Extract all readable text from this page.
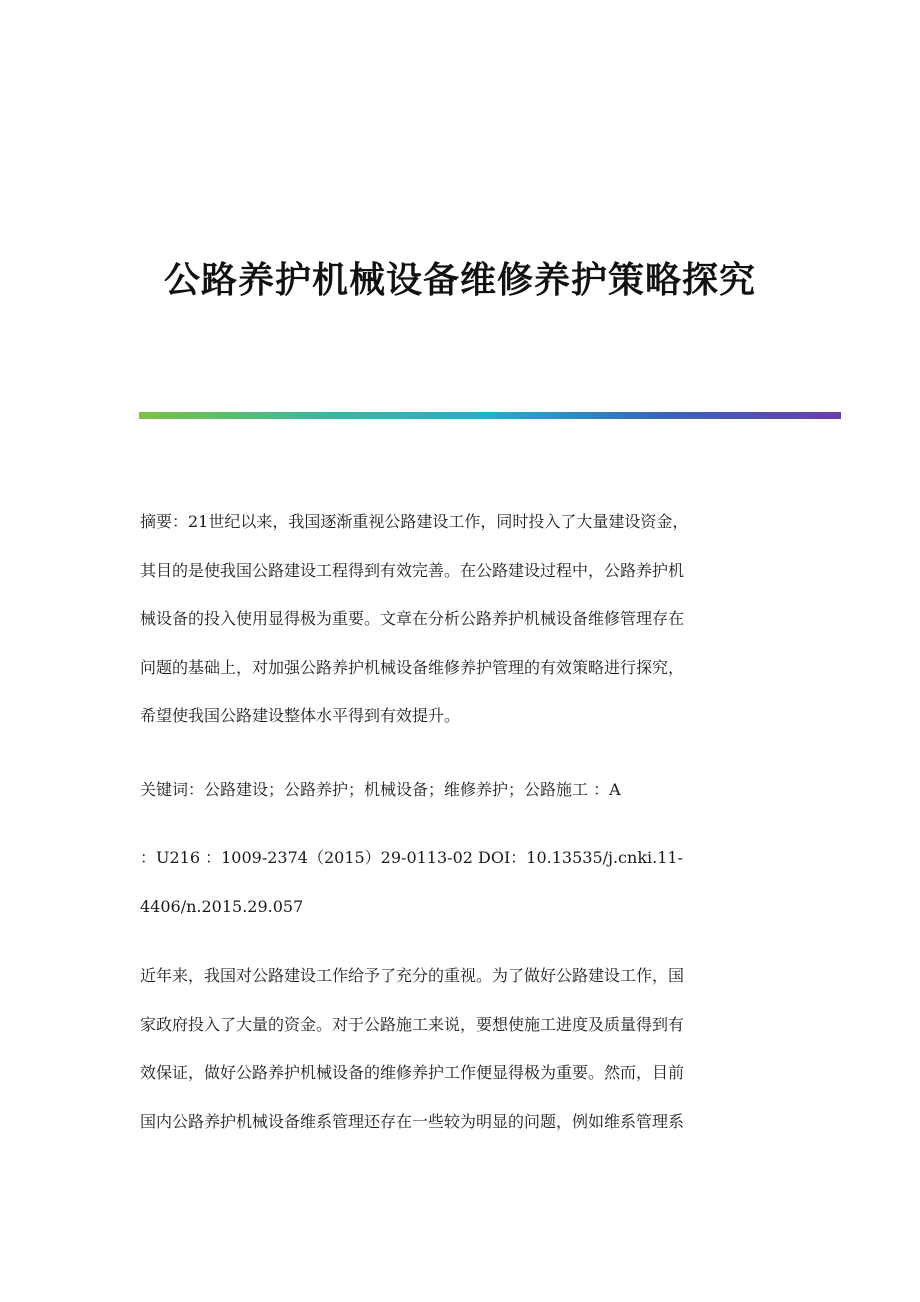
公路养护机械设备维修养护策略探究
摘要：21世纪以来，我国逐渐重视公路建设工作，同时投入了大量建设资金，
其目的是使我国公路建设工程得到有效完善。在公路建设过程中，公路养护机
械设备的投入使用显得极为重要。文章在分析公路养护机械设备维修管理存在
问题的基础上，对加强公路养护机械设备维修养护管理的有效策略进行探究，
希望使我国公路建设整体水平得到有效提升。
关键词：公路建设；公路养护；机械设备；维修养护；公路施工 ：A
：U216 ：1009-2374（2015）29-0113-02 DOI：10.13535/j.cnki.11-
4406/n.2015.29.057
近年来，我国对公路建设工作给予了充分的重视。为了做好公路建设工作，国
家政府投入了大量的资金。对于公路施工来说，要想使施工进度及质量得到有
效保证，做好公路养护机械设备的维修养护工作便显得极为重要。然而，目前
国内公路养护机械设备维系管理还存在一些较为明显的问题，例如维系管理系
